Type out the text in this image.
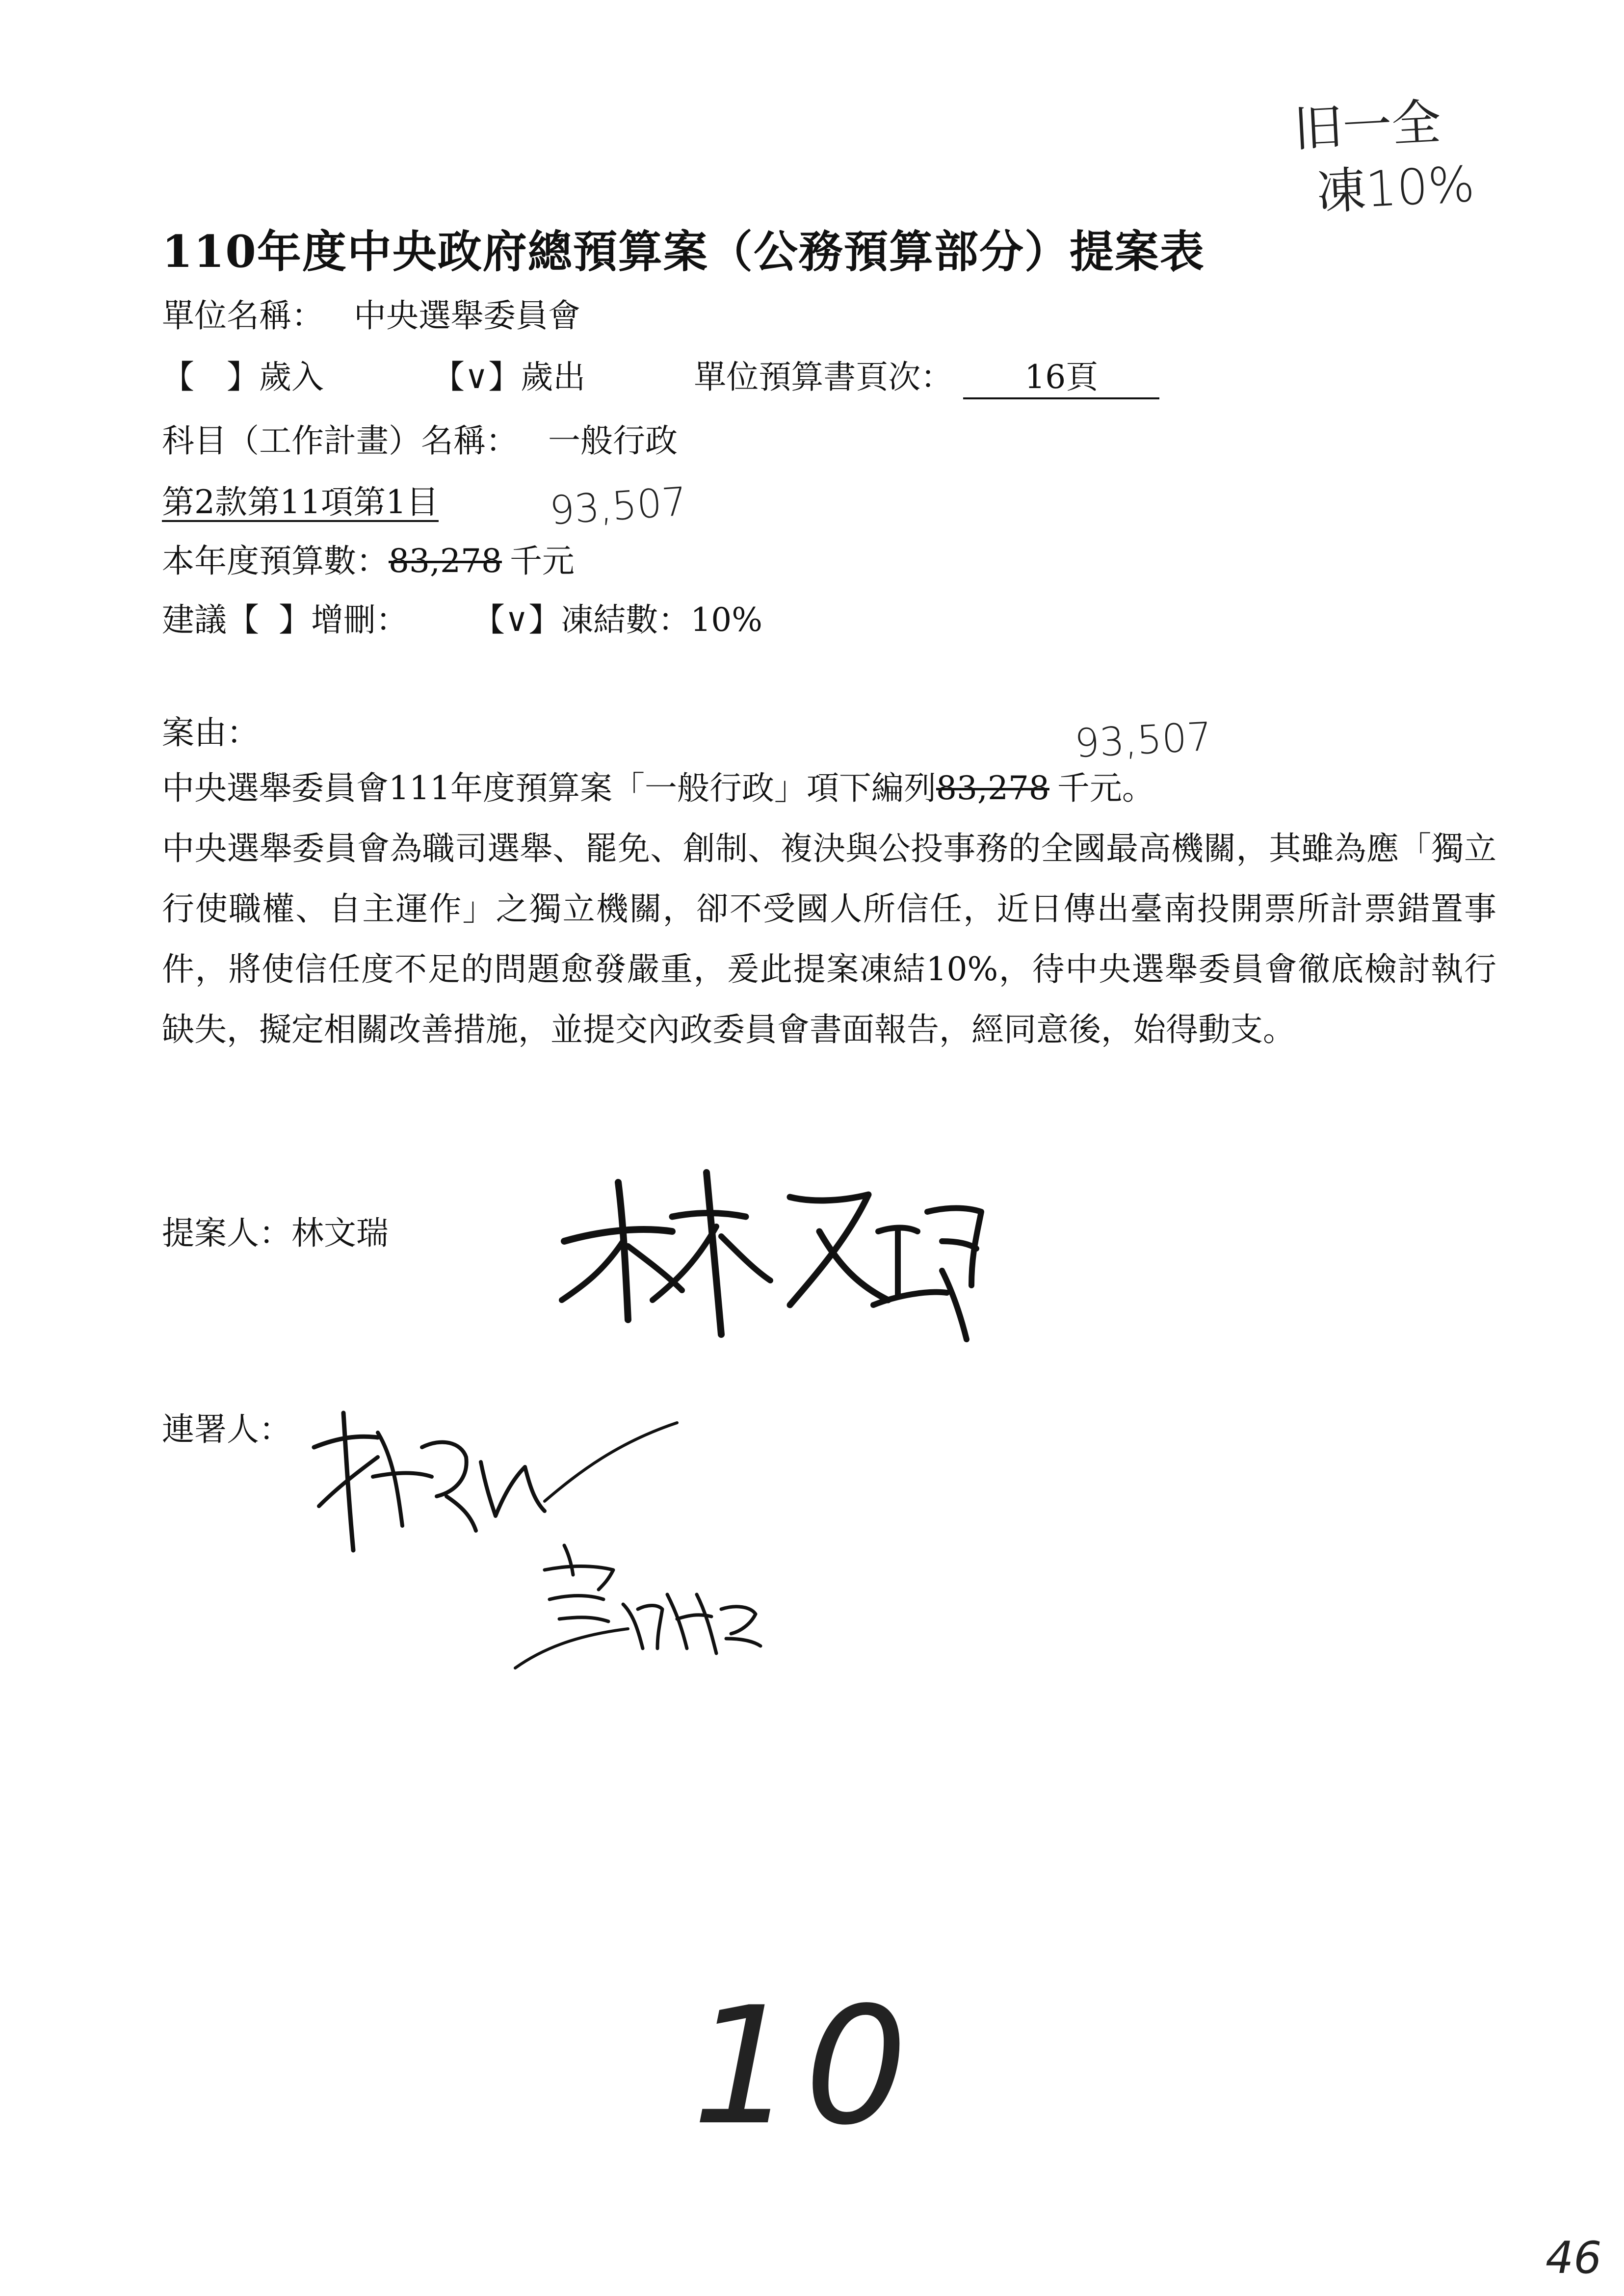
旧一全
凍10%
110年度中央政府總預算案（公務預算部分）提案表
單位名稱： 中央選舉委員會
【　】歲入	【∨】歲出	單位預算書頁次： 16頁
科目（工作計畫）名稱： 一般行政
第2款第11項第1目	93,507
本年度預算數：83,278 千元
建議【 】增刪： 【∨】凍結數：10%
案由：	93,507

中央選舉委員會111年度預算案「一般行政」項下編列83,278 千元。

中央選舉委員會為職司選舉、罷免、創制、複決與公投事務的全國最高機關，其雖為應「獨立行使職權、自主運作」之獨立機關，卻不受國人所信任，近日傳出臺南投開票所計票錯置事件，將使信任度不足的問題愈發嚴重，爰此提案凍結10%，待中央選舉委員會徹底檢討執行缺失，擬定相關改善措施，並提交內政委員會書面報告，經同意後，始得動支。

提案人：林文瑞
連署人：
10
46
